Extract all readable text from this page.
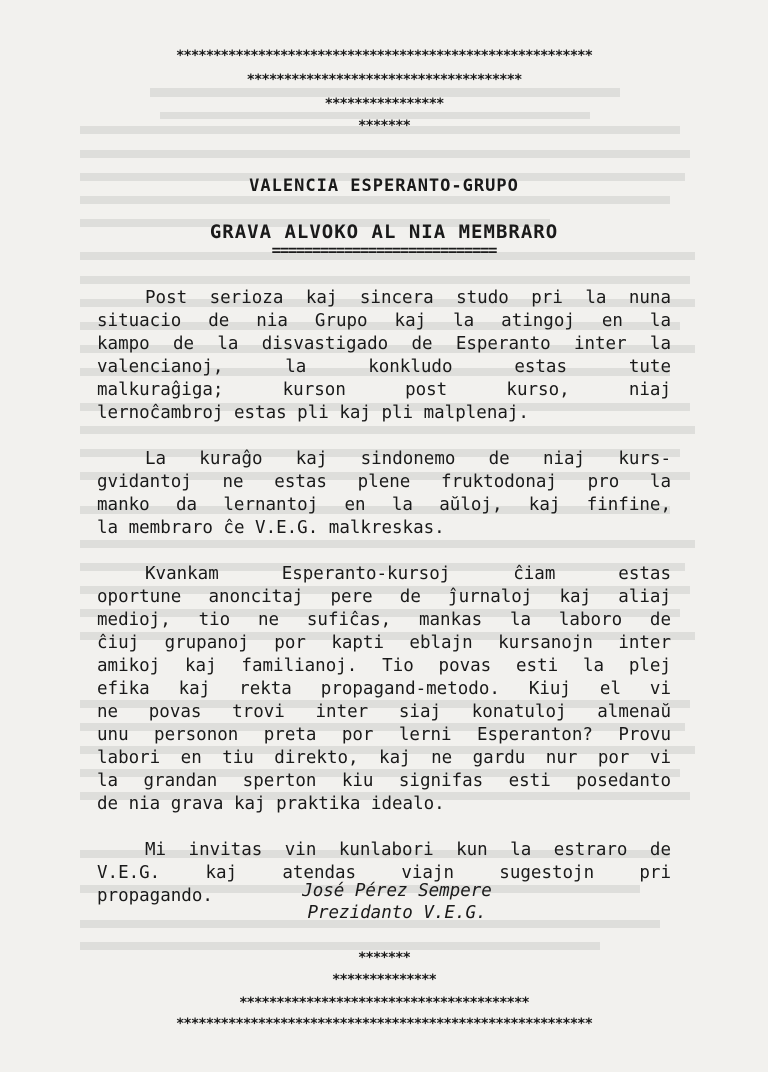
********************************************************
*************************************
****************
*******
VALENCIA ESPERANTO-GRUPO
GRAVA ALVOKO AL NIA MEMBRARO
============================

Post serioza kaj sincera studo pri la nuna
situacio de nia Grupo kaj la atingoj en la
kampo de la disvastigado de Esperanto inter la
valencianoj, la konkludo estas tute
malkuraĝiga; kurson post kurso, niaj
lernoĉambroj estas pli kaj pli malplenaj.

La kuraĝo kaj sindonemo de niaj kurs-
gvidantoj ne estas plene fruktodonaj pro la
manko da lernantoj en la aŭloj, kaj finfine,
la membraro ĉe V.E.G. malkreskas.

Kvankam Esperanto-kursoj ĉiam estas
oportune anoncitaj pere de ĵurnaloj kaj aliaj
medioj, tio ne sufiĉas, mankas la laboro de
ĉiuj grupanoj por kapti eblajn kursanojn inter
amikoj kaj familianoj. Tio povas esti la plej
efika kaj rekta propagand-metodo. Kiuj el vi
ne povas trovi inter siaj konatuloj almenaŭ
unu personon preta por lerni Esperanton? Provu
labori en tiu direkto, kaj ne gardu nur por vi
la grandan sperton kiu signifas esti posedanto
de nia grava kaj praktika idealo.

Mi invitas vin kunlabori kun la estraro de
V.E.G. kaj atendas viajn sugestojn pri
propagando.	José Pérez Sempere
Prezidanto V.E.G.
*******
**************
***************************************
********************************************************
